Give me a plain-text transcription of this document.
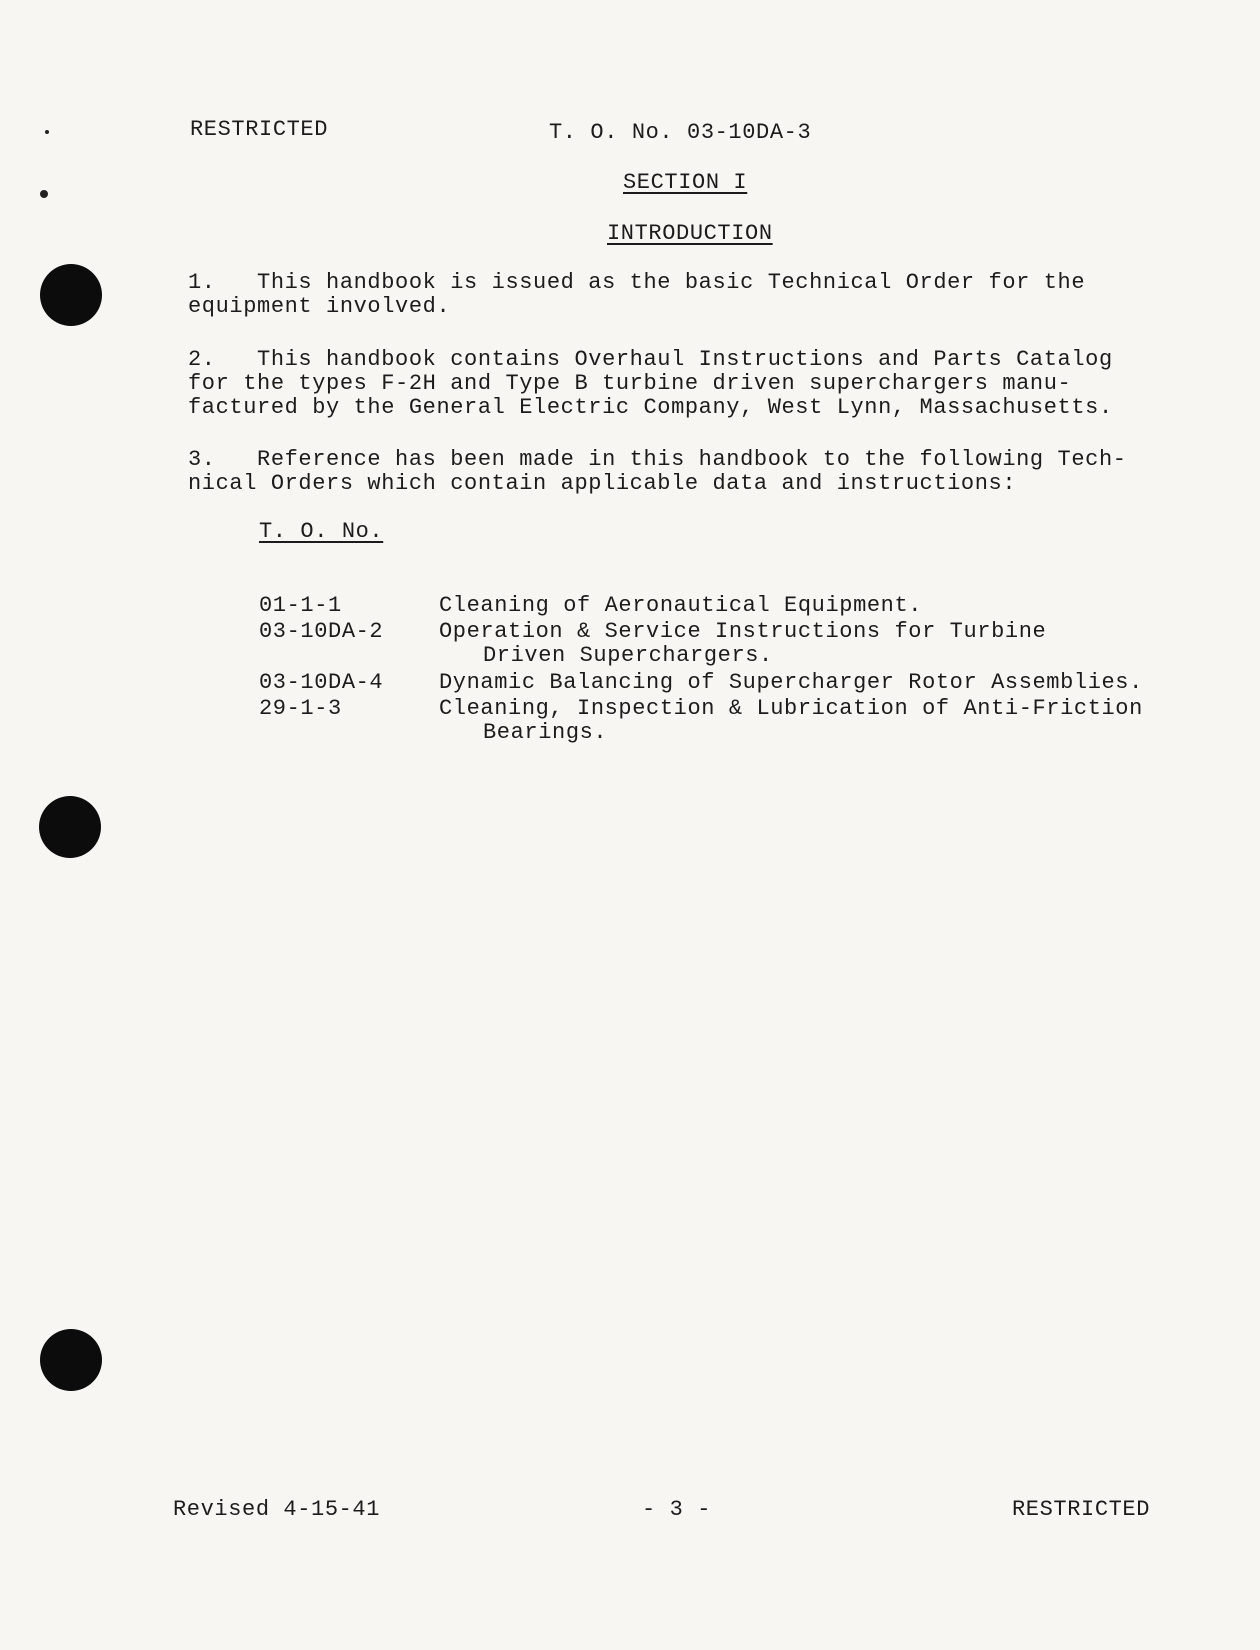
RESTRICTED	T. O. No. 03-10DA-3
SECTION I
INTRODUCTION
1.   This handbook is issued as the basic Technical Order for the
equipment involved.
2.   This handbook contains Overhaul Instructions and Parts Catalog
for the types F-2H and Type B turbine driven superchargers manu-
factured by the General Electric Company, West Lynn, Massachusetts.
3.   Reference has been made in this handbook to the following Tech-
nical Orders which contain applicable data and instructions:
T. O. No.
01-1-1	Cleaning of Aeronautical Equipment.
03-10DA-2	Operation & Service Instructions for Turbine
Driven Superchargers.
03-10DA-4	Dynamic Balancing of Supercharger Rotor Assemblies.
29-1-3	Cleaning, Inspection & Lubrication of Anti-Friction
Bearings.
Revised 4-15-41	- 3 -	RESTRICTED
